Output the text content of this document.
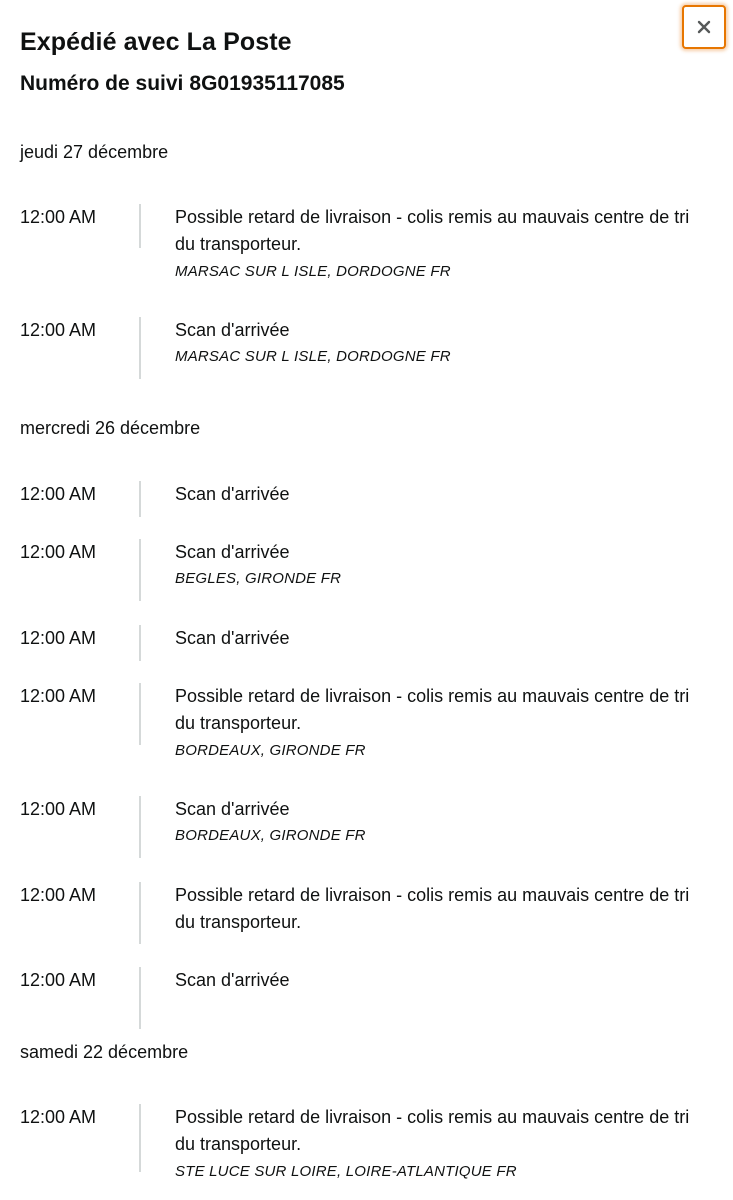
Expédié avec La Poste
Numéro de suivi 8G01935117085
jeudi 27 décembre
12:00 AM	Possible retard de livraison - colis remis au mauvais centre de tri du transporteur.
MARSAC SUR L ISLE, DORDOGNE FR
12:00 AM	Scan d'arrivée
MARSAC SUR L ISLE, DORDOGNE FR
mercredi 26 décembre
12:00 AM	Scan d'arrivée
12:00 AM	Scan d'arrivée
BEGLES, GIRONDE FR
12:00 AM	Scan d'arrivée
12:00 AM	Possible retard de livraison - colis remis au mauvais centre de tri du transporteur.
BORDEAUX, GIRONDE FR
12:00 AM	Scan d'arrivée
BORDEAUX, GIRONDE FR
12:00 AM	Possible retard de livraison - colis remis au mauvais centre de tri du transporteur.
12:00 AM	Scan d'arrivée
samedi 22 décembre
12:00 AM	Possible retard de livraison - colis remis au mauvais centre de tri du transporteur.
STE LUCE SUR LOIRE, LOIRE-ATLANTIQUE FR
